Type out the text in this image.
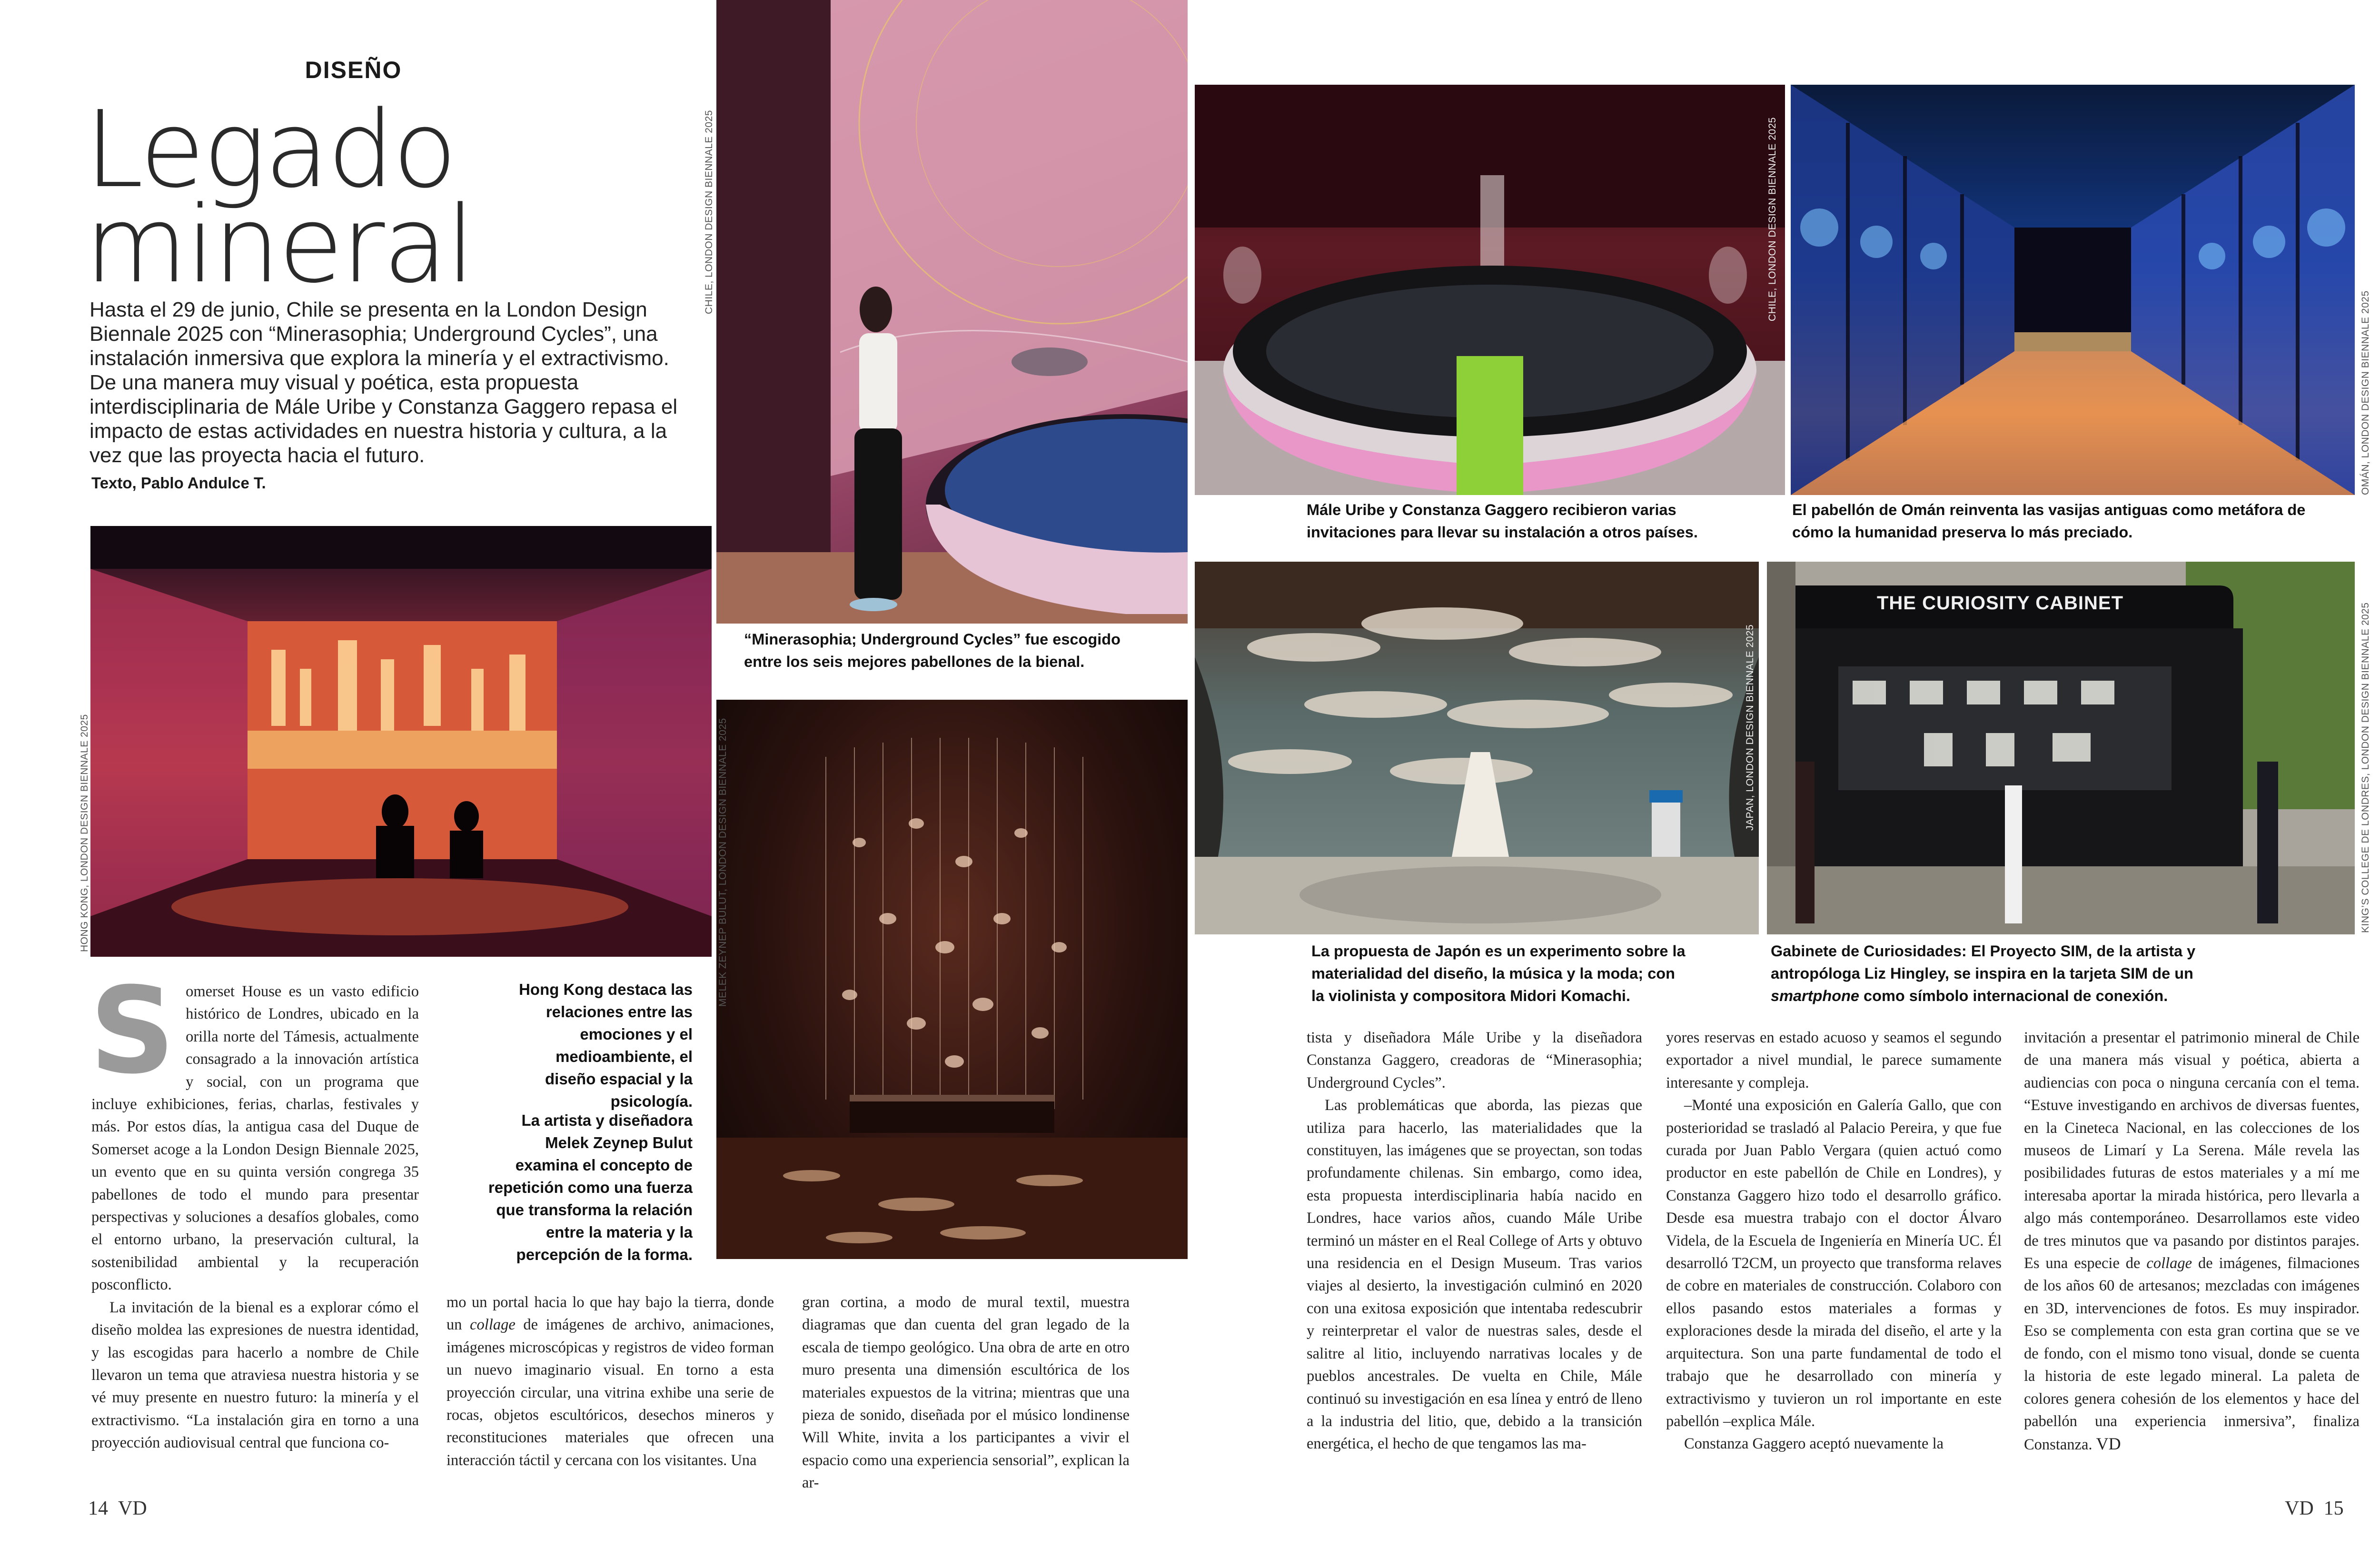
DISEÑO
Legado
mineral

Hasta el 29 de junio, Chile se presenta en la London Design Biennale 2025 con “Minerasophia; Underground Cycles”, una instalación inmersiva que explora la minería y el extractivismo. De una manera muy visual y poética, esta propuesta interdisciplinaria de Mále Uribe y Constanza Gaggero repasa el impacto de estas actividades en nuestra historia y cultura, a la vez que las proyecta hacia el futuro.

Texto, Pablo Andulce T.
CHILE, LONDON DESIGN BIENNALE 2025

“Minerasophia; Underground Cycles” fue escogido entre los seis mejores pabellones de la bienal.

HONG KONG, LONDON DESIGN BIENNALE 2025	MELEK ZEYNEP BULUT, LONDON DESIGN BIENNALE 2025

Hong Kong destaca las relaciones entre las emociones y el medioambiente, el diseño espacial y la psicología.

La artista y diseñadora Melek Zeynep Bulut examina el concepto de repetición como una fuerza que transforma la relación entre la materia y la percepción de la forma.

Somerset House es un vasto edificio histórico de Londres, ubicado en la orilla norte del Támesis, actualmente consagrado a la innovación artística y social, con un programa que incluye exhibiciones, ferias, charlas, festivales y más. Por estos días, la antigua casa del Duque de Somerset acoge a la London Design Biennale 2025, un evento que en su quinta versión congrega 35 pabellones de todo el mundo para presentar perspectivas y soluciones a desafíos globales, como el entorno urbano, la preservación cultural, la sostenibilidad ambiental y la recuperación posconflicto.

La invitación de la bienal es a explorar cómo el diseño moldea las expresiones de nuestra identidad, y las escogidas para hacerlo a nombre de Chile llevaron un tema que atraviesa nuestra historia y se vé muy presente en nuestro futuro: la minería y el extractivismo. “La instalación gira en torno a una proyección audiovisual central que funciona co-

mo un portal hacia lo que hay bajo la tierra, donde un collage de imágenes de archivo, animaciones, imágenes microscópicas y registros de video forman un nuevo imaginario visual. En torno a esta proyección circular, una vitrina exhibe una serie de rocas, objetos escultóricos, desechos mineros y reconstituciones materiales que ofrecen una interacción táctil y cercana con los visitantes. Una

gran cortina, a modo de mural textil, muestra diagramas que dan cuenta del gran legado de la escala de tiempo geológico. Una obra de arte en otro muro presenta una dimensión escultórica de los materiales expuestos de la vitrina; mientras que una pieza de sonido, diseñada por el músico londinense Will White, invita a los participantes a vivir el espacio como una experiencia sensorial”, explican la ar-

CHILE, LONDON DESIGN BIENNALE 2025
OMÁN, LONDON DESIGN BIENNALE 2025

Mále Uribe y Constanza Gaggero recibieron varias invitaciones para llevar su instalación a otros países.

El pabellón de Omán reinventa las vasijas antiguas como metáfora de cómo la humanidad preserva lo más preciado.

JAPAN, LONDON DESIGN BIENNALE 2025
THE CURIOSITY CABINET	KING’S COLLEGE DE LONDRES, LONDON DESIGN BIENNALE 2025

La propuesta de Japón es un experimento sobre la materialidad del diseño, la música y la moda; con la violinista y compositora Midori Komachi.

Gabinete de Curiosidades: El Proyecto SIM, de la artista y antropóloga Liz Hingley, se inspira en la tarjeta SIM de un smartphone como símbolo internacional de conexión.

tista y diseñadora Mále Uribe y la diseñadora Constanza Gaggero, creadoras de “Minerasophia; Underground Cycles”.

Las problemáticas que aborda, las piezas que utiliza para hacerlo, las materialidades que la constituyen, las imágenes que se proyectan, son todas profundamente chilenas. Sin embargo, como idea, esta propuesta interdisciplinaria había nacido en Londres, hace varios años, cuando Mále Uribe terminó un máster en el Real College of Arts y obtuvo una residencia en el Design Museum. Tras varios viajes al desierto, la investigación culminó en 2020 con una exitosa exposición que intentaba redescubrir y reinterpretar el valor de nuestras sales, desde el salitre al litio, incluyendo narrativas locales y de pueblos ancestrales. De vuelta en Chile, Mále continuó su investigación en esa línea y entró de lleno a la industria del litio, que, debido a la transición energética, el hecho de que tengamos las ma-

yores reservas en estado acuoso y seamos el segundo exportador a nivel mundial, le parece sumamente interesante y compleja.

–Monté una exposición en Galería Gallo, que con posterioridad se trasladó al Palacio Pereira, y que fue curada por Juan Pablo Vergara (quien actuó como productor en este pabellón de Chile en Londres), y Constanza Gaggero hizo todo el desarrollo gráfico. Desde esa muestra trabajo con el doctor Álvaro Videla, de la Escuela de Ingeniería en Minería UC. Él desarrolló T2CM, un proyecto que transforma relaves de cobre en materiales de construcción. Colaboro con ellos pasando estos materiales a formas y exploraciones desde la mirada del diseño, el arte y la arquitectura. Son una parte fundamental de todo el trabajo que he desarrollado con minería y extractivismo y tuvieron un rol importante en este pabellón –explica Mále.

Constanza Gaggero aceptó nuevamente la

invitación a presentar el patrimonio mineral de Chile de una manera más visual y poética, abierta a audiencias con poca o ninguna cercanía con el tema. “Estuve investigando en archivos de diversas fuentes, en la Cineteca Nacional, en las colecciones de los museos de Limarí y La Serena. Mále revela las posibilidades futuras de estos materiales y a mí me interesaba aportar la mirada histórica, pero llevarla a algo más contemporáneo. Desarrollamos este video de tres minutos que va pasando por distintos parajes. Es una especie de collage de imágenes, filmaciones de los años 60 de artesanos; mezcladas con imágenes en 3D, intervenciones de fotos. Es muy inspirador. Eso se complementa con esta gran cortina que se ve de fondo, con el mismo tono visual, donde se cuenta la historia de este legado mineral. La paleta de colores genera cohesión de los elementos y hace del pabellón una experiencia inmersiva”, finaliza Constanza. VD

14 VD	VD 15
